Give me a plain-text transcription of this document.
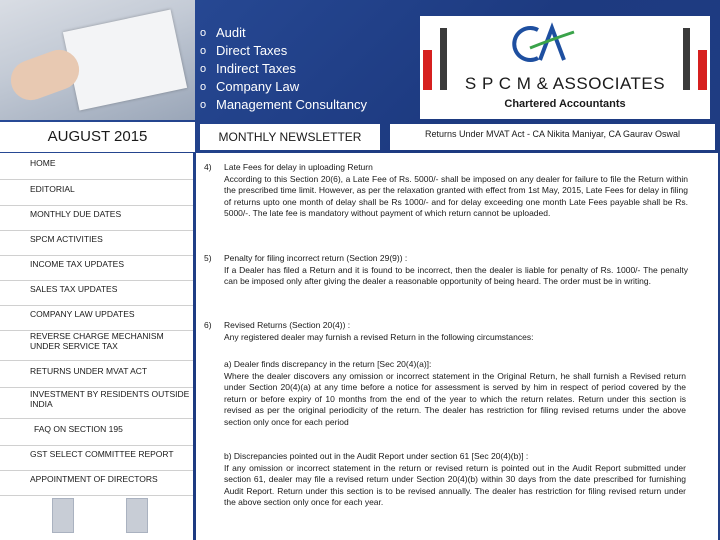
o Audit
o Direct Taxes
o Indirect Taxes
o Company Law
o Management Consultancy
S P C M & ASSOCIATES
Chartered Accountants
AUGUST 2015	MONTHLY NEWSLETTER	Returns Under MVAT Act - CA Nikita Maniyar, CA Gaurav Oswal
HOME
EDITORIAL
MONTHLY DUE DATES
SPCM ACTIVITIES
INCOME TAX UPDATES
SALES TAX UPDATES
COMPANY LAW UPDATES
REVERSE CHARGE MECHANISM UNDER SERVICE TAX
RETURNS UNDER MVAT ACT
INVESTMENT BY RESIDENTS OUTSIDE INDIA
FAQ ON SECTION 195
GST SELECT COMMITTEE REPORT
APPOINTMENT OF DIRECTORS
4)	Late Fees for delay in uploading Return
According to this Section 20(6), a Late Fee of Rs. 5000/- shall be imposed on any dealer for failure to file the Return within the prescribed time limit. However, as per the relaxation granted with effect from 1st May, 2015, Late Fees for delay in filing of returns upto one month of delay shall be Rs 1000/- and for delay exceeding one month Late Fees payable shall be Rs. 5000/-. The late fee is mandatory without payment of which return cannot be uploaded.
5)	Penalty for filing incorrect return (Section 29(9)) :
If a Dealer has filed a Return and it is found to be incorrect, then the dealer is liable for penalty of Rs. 1000/- The penalty can be imposed only after giving the dealer a reasonable opportunity of being heard. The order must be in writing.
6)	Revised Returns (Section 20(4)) :
Any registered dealer may furnish a revised Return in the following circumstances:
a) Dealer finds discrepancy in the return [Sec 20(4)(a)]:
Where the dealer discovers any omission or incorrect statement in the Original Return, he shall furnish a Revised return under Section 20(4)(a) at any time before a notice for assessment is served by him in respect of period covered by the return or before expiry of 10 months from the end of the year to which the return relates. Return under this section is revised as per the original periodicity of the return. The dealer has restriction for filing revised returns under the above section only once for each period
b) Discrepancies pointed out in the Audit Report under section 61 [Sec 20(4)(b)] :
If any omission or incorrect statement in the return or revised return is pointed out in the Audit Report submitted under section 61, dealer may file a revised return under Section 20(4)(b) within 30 days from the date prescribed for furnishing Audit Report. Return under this section is to be revised annually. The dealer has restriction for filing revised return under the above section only once for each year.
